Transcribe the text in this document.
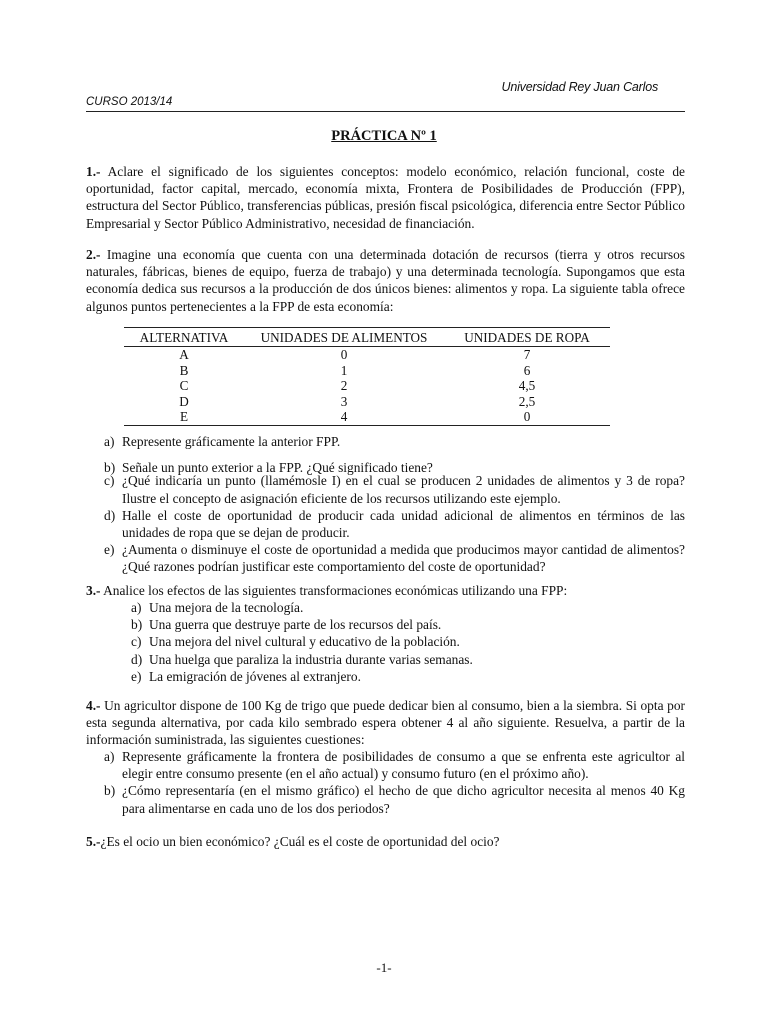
Universidad Rey Juan Carlos
CURSO 2013/14
PRÁCTICA Nº 1
1.- Aclare el significado de los siguientes conceptos: modelo económico, relación funcional, coste de oportunidad, factor capital, mercado, economía mixta, Frontera de Posibilidades de Producción (FPP), estructura del Sector Público, transferencias públicas, presión fiscal psicológica, diferencia entre Sector Público Empresarial y Sector Público Administrativo, necesidad de financiación.
2.- Imagine una economía que cuenta con una determinada dotación de recursos (tierra y otros recursos naturales, fábricas, bienes de equipo, fuerza de trabajo) y una determinada tecnología. Supongamos que esta economía dedica sus recursos a la producción de dos únicos bienes: alimentos y ropa. La siguiente tabla ofrece algunos puntos pertenecientes a la FPP de esta economía:
ALTERNATIVA	UNIDADES DE ALIMENTOS	UNIDADES DE ROPA
A	0	7
B	1	6
C	2	4,5
D	3	2,5
E	4	0
a) Represente gráficamente la anterior FPP.
b) Señale un punto exterior a la FPP. ¿Qué significado tiene?
c) ¿Qué indicaría un punto (llamémosle I) en el cual se producen 2 unidades de alimentos y 3 de ropa? Ilustre el concepto de asignación eficiente de los recursos utilizando este ejemplo.
d) Halle el coste de oportunidad de producir cada unidad adicional de alimentos en términos de las unidades de ropa que se dejan de producir.
e) ¿Aumenta o disminuye el coste de oportunidad a medida que producimos mayor cantidad de alimentos? ¿Qué razones podrían justificar este comportamiento del coste de oportunidad?
3.- Analice los efectos de las siguientes transformaciones económicas utilizando una FPP:
a) Una mejora de la tecnología.
b) Una guerra que destruye parte de los recursos del país.
c) Una mejora del nivel cultural y educativo de la población.
d) Una huelga que paraliza la industria durante varias semanas.
e) La emigración de jóvenes al extranjero.
4.- Un agricultor dispone de 100 Kg de trigo que puede dedicar bien al consumo, bien a la siembra. Si opta por esta segunda alternativa, por cada kilo sembrado espera obtener 4 al año siguiente. Resuelva, a partir de la información suministrada, las siguientes cuestiones:
a) Represente gráficamente la frontera de posibilidades de consumo a que se enfrenta este agricultor al elegir entre consumo presente (en el año actual) y consumo futuro (en el próximo año).
b) ¿Cómo representaría (en el mismo gráfico) el hecho de que dicho agricultor necesita al menos 40 Kg para alimentarse en cada uno de los dos periodos?
5.-¿Es el ocio un bien económico? ¿Cuál es el coste de oportunidad del ocio?
-1-
